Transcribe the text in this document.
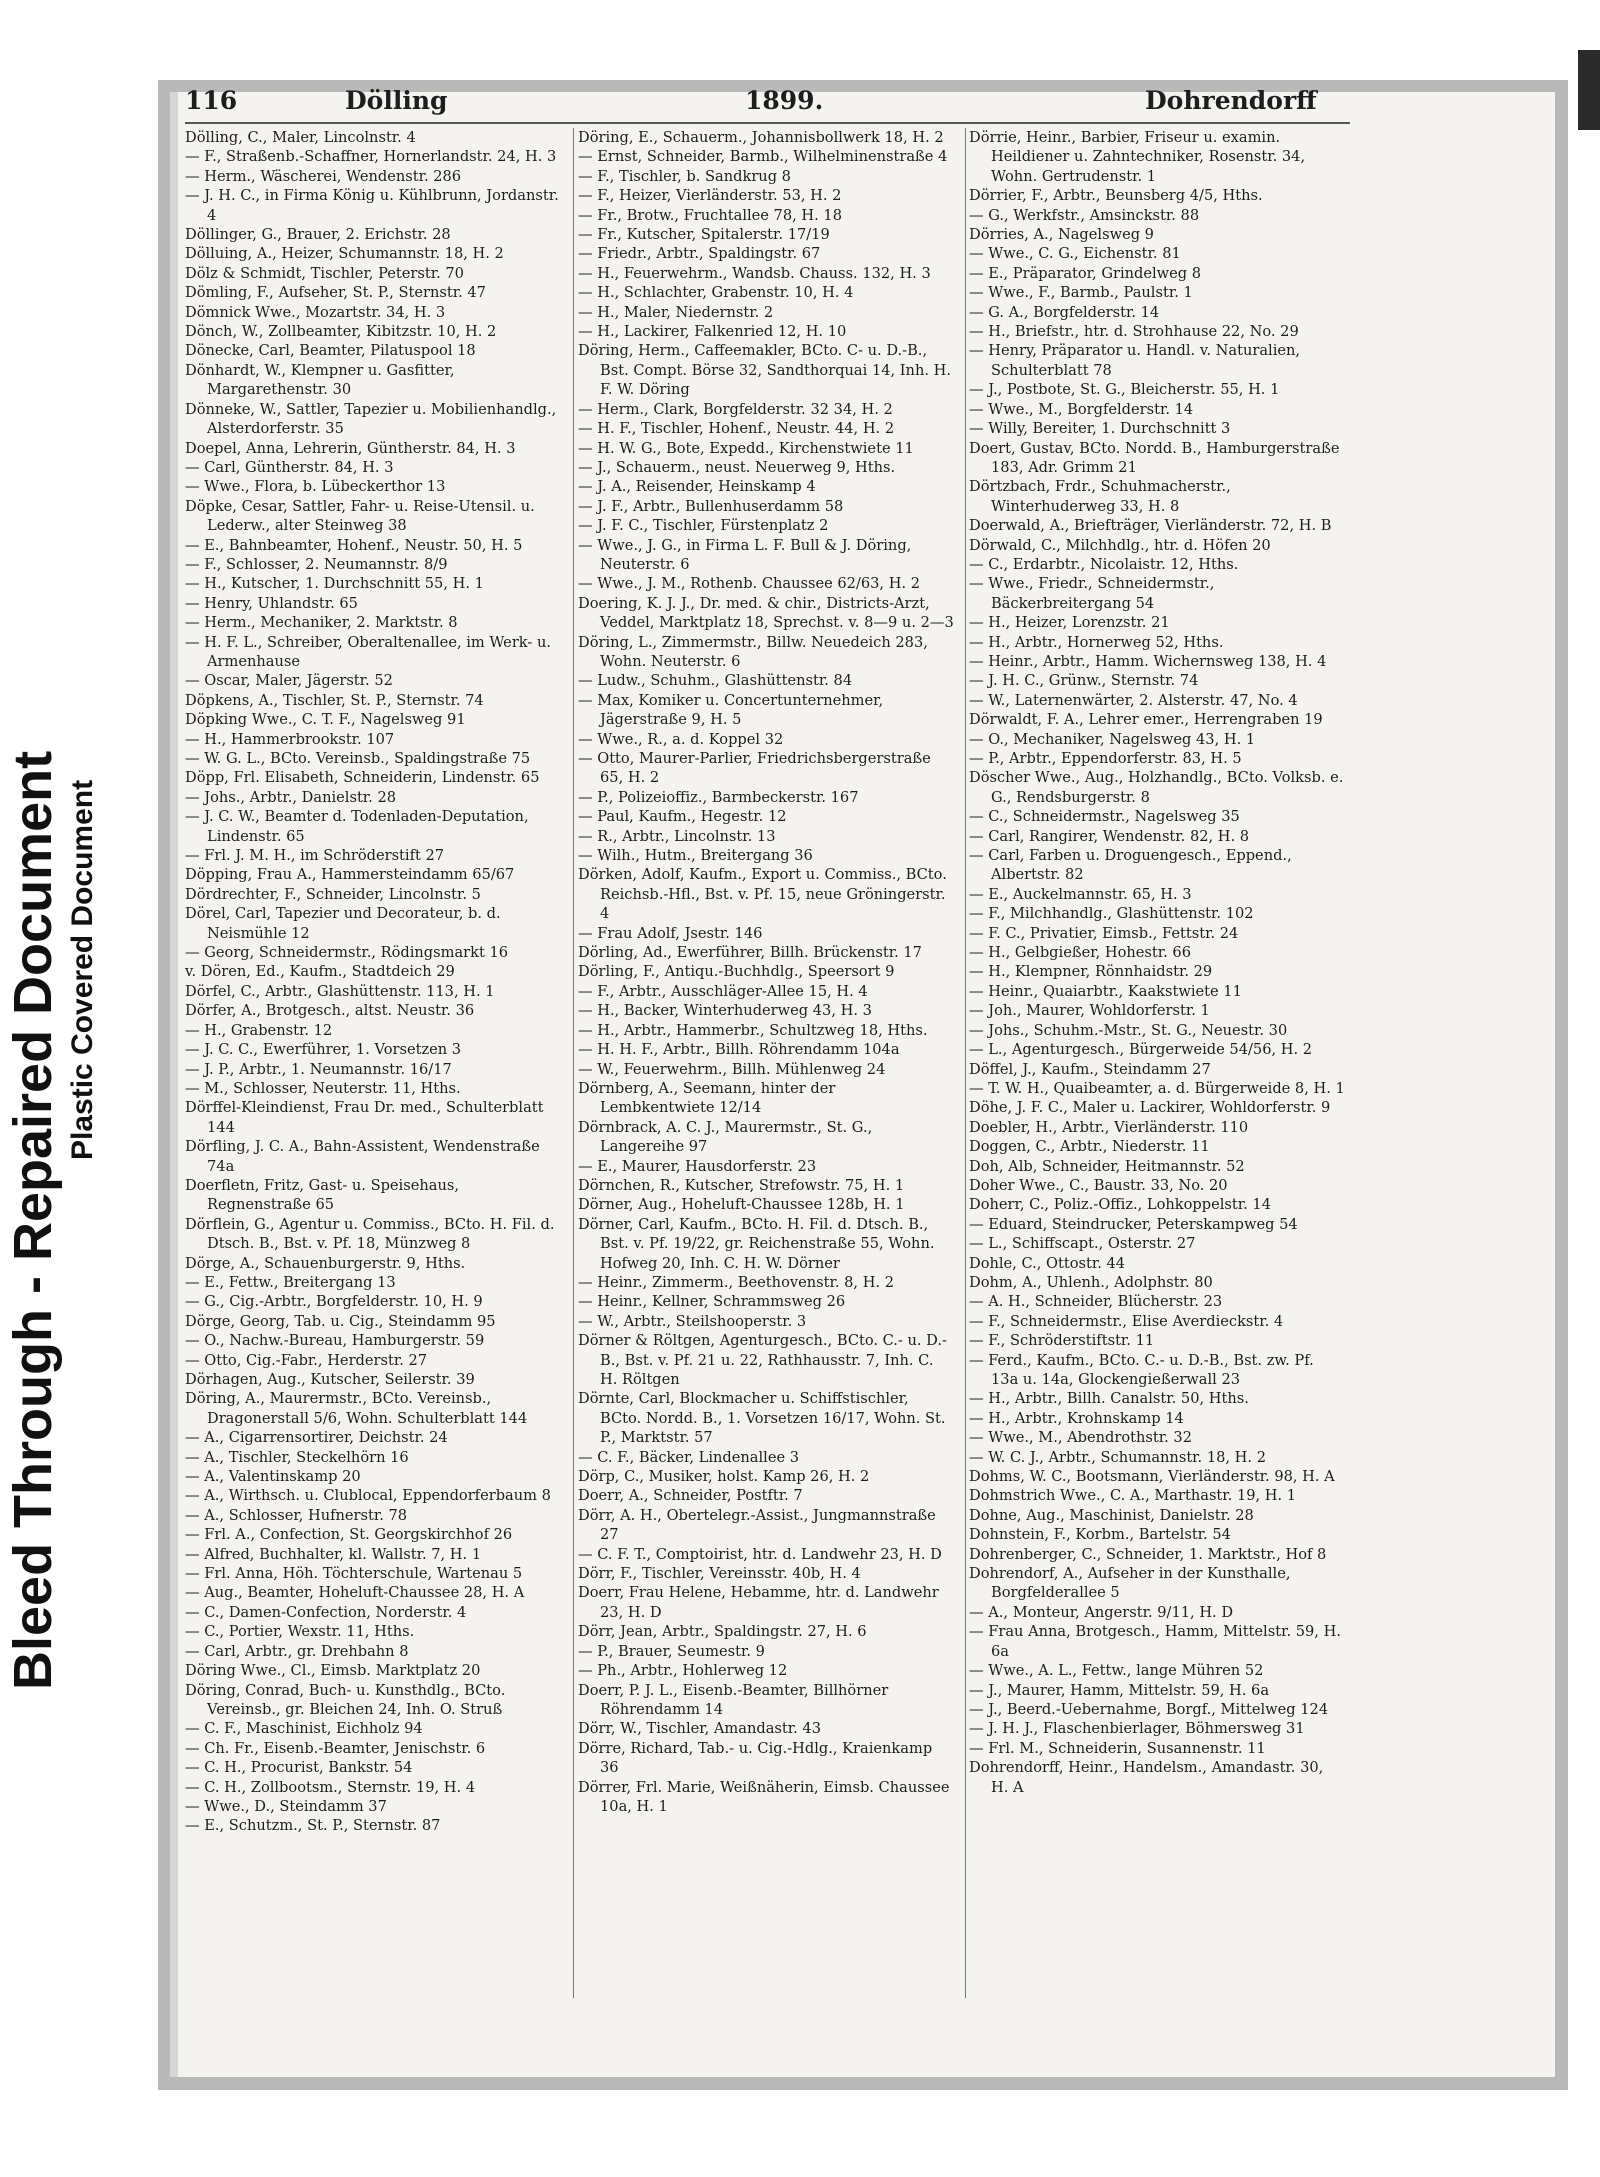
Bleed Through - Repaired Document Plastic Covered Document
116	Dölling	1899.	Dohrendorff

Dölling, C., Maler, Lincolnstr. 4

— F., Straßenb.-Schaffner, Hornerlandstr. 24, H. 3

— Herm., Wäscherei, Wendenstr. 286

— J. H. C., in Firma König u. Kühlbrunn, Jordanstr. 4

Döllinger, G., Brauer, 2. Erichstr. 28

Dölluing, A., Heizer, Schumannstr. 18, H. 2

Dölz & Schmidt, Tischler, Peterstr. 70

Dömling, F., Aufseher, St. P., Sternstr. 47

Dömnick Wwe., Mozartstr. 34, H. 3

Dönch, W., Zollbeamter, Kibitzstr. 10, H. 2

Dönecke, Carl, Beamter, Pilatuspool 18

Dönhardt, W., Klempner u. Gasfitter, Margarethenstr. 30

Dönneke, W., Sattler, Tapezier u. Mobilienhandlg., Alsterdorferstr. 35

Doepel, Anna, Lehrerin, Güntherstr. 84, H. 3

— Carl, Güntherstr. 84, H. 3

— Wwe., Flora, b. Lübeckerthor 13

Döpke, Cesar, Sattler, Fahr- u. Reise-Utensil. u. Lederw., alter Steinweg 38

— E., Bahnbeamter, Hohenf., Neustr. 50, H. 5

— F., Schlosser, 2. Neumannstr. 8/9

— H., Kutscher, 1. Durchschnitt 55, H. 1

— Henry, Uhlandstr. 65

— Herm., Mechaniker, 2. Marktstr. 8

— H. F. L., Schreiber, Oberaltenallee, im Werk- u. Armenhause

— Oscar, Maler, Jägerstr. 52

Döpkens, A., Tischler, St. P., Sternstr. 74

Döpking Wwe., C. T. F., Nagelsweg 91

— H., Hammerbrookstr. 107

— W. G. L., BCto. Vereinsb., Spaldingstraße 75

Döpp, Frl. Elisabeth, Schneiderin, Lindenstr. 65

— Johs., Arbtr., Danielstr. 28

— J. C. W., Beamter d. Todenladen-Deputation, Lindenstr. 65

— Frl. J. M. H., im Schröderstift 27

Döpping, Frau A., Hammersteindamm 65/67

Dördrechter, F., Schneider, Lincolnstr. 5

Dörel, Carl, Tapezier und Decorateur, b. d. Neismühle 12

— Georg, Schneidermstr., Rödingsmarkt 16

v. Dören, Ed., Kaufm., Stadtdeich 29

Dörfel, C., Arbtr., Glashüttenstr. 113, H. 1

Dörfer, A., Brotgesch., altst. Neustr. 36

— H., Grabenstr. 12

— J. C. C., Ewerführer, 1. Vorsetzen 3

— J. P., Arbtr., 1. Neumannstr. 16/17

— M., Schlosser, Neuterstr. 11, Hths.

Dörffel-Kleindienst, Frau Dr. med., Schulterblatt 144

Dörfling, J. C. A., Bahn-Assistent, Wendenstraße 74a

Doerfletn, Fritz, Gast- u. Speisehaus, Regnenstraße 65

Dörflein, G., Agentur u. Commiss., BCto. H. Fil. d. Dtsch. B., Bst. v. Pf. 18, Münzweg 8

Dörge, A., Schauenburgerstr. 9, Hths.

— E., Fettw., Breitergang 13

— G., Cig.-Arbtr., Borgfelderstr. 10, H. 9

Dörge, Georg, Tab. u. Cig., Steindamm 95

— O., Nachw.-Bureau, Hamburgerstr. 59

— Otto, Cig.-Fabr., Herderstr. 27

Dörhagen, Aug., Kutscher, Seilerstr. 39

Döring, A., Maurermstr., BCto. Vereinsb., Dragonerstall 5/6, Wohn. Schulterblatt 144

— A., Cigarrensortirer, Deichstr. 24

— A., Tischler, Steckelhörn 16

— A., Valentinskamp 20

— A., Wirthsch. u. Clublocal, Eppendorferbaum 8

— A., Schlosser, Hufnerstr. 78

— Frl. A., Confection, St. Georgskirchhof 26

— Alfred, Buchhalter, kl. Wallstr. 7, H. 1

— Frl. Anna, Höh. Töchterschule, Wartenau 5

— Aug., Beamter, Hoheluft-Chaussee 28, H. A

— C., Damen-Confection, Norderstr. 4

— C., Portier, Wexstr. 11, Hths.

— Carl, Arbtr., gr. Drehbahn 8

Döring Wwe., Cl., Eimsb. Marktplatz 20

Döring, Conrad, Buch- u. Kunsthdlg., BCto. Vereinsb., gr. Bleichen 24, Inh. O. Struß

— C. F., Maschinist, Eichholz 94

— Ch. Fr., Eisenb.-Beamter, Jenischstr. 6

— C. H., Procurist, Bankstr. 54

— C. H., Zollbootsm., Sternstr. 19, H. 4

— Wwe., D., Steindamm 37

— E., Schutzm., St. P., Sternstr. 87

Döring, E., Schauerm., Johannisbollwerk 18, H. 2

— Ernst, Schneider, Barmb., Wilhelminenstraße 4

— F., Tischler, b. Sandkrug 8

— F., Heizer, Vierländerstr. 53, H. 2

— Fr., Brotw., Fruchtallee 78, H. 18

— Fr., Kutscher, Spitalerstr. 17/19

— Friedr., Arbtr., Spaldingstr. 67

— H., Feuerwehrm., Wandsb. Chauss. 132, H. 3

— H., Schlachter, Grabenstr. 10, H. 4

— H., Maler, Niedernstr. 2

— H., Lackirer, Falkenried 12, H. 10

Döring, Herm., Caffeemakler, BCto. C- u. D.-B., Bst. Compt. Börse 32, Sandthorquai 14, Inh. H. F. W. Döring

— Herm., Clark, Borgfelderstr. 32 34, H. 2

— H. F., Tischler, Hohenf., Neustr. 44, H. 2

— H. W. G., Bote, Expedd., Kirchenstwiete 11

— J., Schauerm., neust. Neuerweg 9, Hths.

— J. A., Reisender, Heinskamp 4

— J. F., Arbtr., Bullenhuserdamm 58

— J. F. C., Tischler, Fürstenplatz 2

— Wwe., J. G., in Firma L. F. Bull & J. Döring, Neuterstr. 6

— Wwe., J. M., Rothenb. Chaussee 62/63, H. 2

Doering, K. J. J., Dr. med. & chir., Districts-Arzt, Veddel, Marktplatz 18, Sprechst. v. 8—9 u. 2—3

Döring, L., Zimmermstr., Billw. Neuedeich 283, Wohn. Neuterstr. 6

— Ludw., Schuhm., Glashüttenstr. 84

— Max, Komiker u. Concertunternehmer, Jägerstraße 9, H. 5

— Wwe., R., a. d. Koppel 32

— Otto, Maurer-Parlier, Friedrichsbergerstraße 65, H. 2

— P., Polizeioffiz., Barmbeckerstr. 167

— Paul, Kaufm., Hegestr. 12

— R., Arbtr., Lincolnstr. 13

— Wilh., Hutm., Breitergang 36

Dörken, Adolf, Kaufm., Export u. Commiss., BCto. Reichsb.-Hfl., Bst. v. Pf. 15, neue Gröningerstr. 4

— Frau Adolf, Jsestr. 146

Dörling, Ad., Ewerführer, Billh. Brückenstr. 17

Dörling, F., Antiqu.-Buchhdlg., Speersort 9

— F., Arbtr., Ausschläger-Allee 15, H. 4

— H., Backer, Winterhuderweg 43, H. 3

— H., Arbtr., Hammerbr., Schultzweg 18, Hths.

— H. H. F., Arbtr., Billh. Röhrendamm 104a

— W., Feuerwehrm., Billh. Mühlenweg 24

Dörnberg, A., Seemann, hinter der Lembkentwiete 12/14

Dörnbrack, A. C. J., Maurermstr., St. G., Langereihe 97

— E., Maurer, Hausdorferstr. 23

Dörnchen, R., Kutscher, Strefowstr. 75, H. 1

Dörner, Aug., Hoheluft-Chaussee 128b, H. 1

Dörner, Carl, Kaufm., BCto. H. Fil. d. Dtsch. B., Bst. v. Pf. 19/22, gr. Reichenstraße 55, Wohn. Hofweg 20, Inh. C. H. W. Dörner

— Heinr., Zimmerm., Beethovenstr. 8, H. 2

— Heinr., Kellner, Schrammsweg 26

— W., Arbtr., Steilshooperstr. 3

Dörner & Röltgen, Agenturgesch., BCto. C.- u. D.-B., Bst. v. Pf. 21 u. 22, Rathhausstr. 7, Inh. C. H. Röltgen

Dörnte, Carl, Blockmacher u. Schiffstischler, BCto. Nordd. B., 1. Vorsetzen 16/17, Wohn. St. P., Marktstr. 57

— C. F., Bäcker, Lindenallee 3

Dörp, C., Musiker, holst. Kamp 26, H. 2

Doerr, A., Schneider, Postftr. 7

Dörr, A. H., Obertelegr.-Assist., Jungmannstraße 27

— C. F. T., Comptoirist, htr. d. Landwehr 23, H. D

Dörr, F., Tischler, Vereinsstr. 40b, H. 4

Doerr, Frau Helene, Hebamme, htr. d. Landwehr 23, H. D

Dörr, Jean, Arbtr., Spaldingstr. 27, H. 6

— P., Brauer, Seumestr. 9

— Ph., Arbtr., Hohlerweg 12

Doerr, P. J. L., Eisenb.-Beamter, Billhörner Röhrendamm 14

Dörr, W., Tischler, Amandastr. 43

Dörre, Richard, Tab.- u. Cig.-Hdlg., Kraienkamp 36

Dörrer, Frl. Marie, Weißnäherin, Eimsb. Chaussee 10a, H. 1

Dörrie, Heinr., Barbier, Friseur u. examin. Heildiener u. Zahntechniker, Rosenstr. 34, Wohn. Gertrudenstr. 1

Dörrier, F., Arbtr., Beunsberg 4/5, Hths.

— G., Werkfstr., Amsinckstr. 88

Dörries, A., Nagelsweg 9

— Wwe., C. G., Eichenstr. 81

— E., Präparator, Grindelweg 8

— Wwe., F., Barmb., Paulstr. 1

— G. A., Borgfelderstr. 14

— H., Briefstr., htr. d. Strohhause 22, No. 29

— Henry, Präparator u. Handl. v. Naturalien, Schulterblatt 78

— J., Postbote, St. G., Bleicherstr. 55, H. 1

— Wwe., M., Borgfelderstr. 14

— Willy, Bereiter, 1. Durchschnitt 3

Doert, Gustav, BCto. Nordd. B., Hamburgerstraße 183, Adr. Grimm 21

Dörtzbach, Frdr., Schuhmacherstr., Winterhuderweg 33, H. 8

Doerwald, A., Briefträger, Vierländerstr. 72, H. B

Dörwald, C., Milchhdlg., htr. d. Höfen 20

— C., Erdarbtr., Nicolaistr. 12, Hths.

— Wwe., Friedr., Schneidermstr., Bäckerbreitergang 54

— H., Heizer, Lorenzstr. 21

— H., Arbtr., Hornerweg 52, Hths.

— Heinr., Arbtr., Hamm. Wichernsweg 138, H. 4

— J. H. C., Grünw., Sternstr. 74

— W., Laternenwärter, 2. Alsterstr. 47, No. 4

Dörwaldt, F. A., Lehrer emer., Herrengraben 19

— O., Mechaniker, Nagelsweg 43, H. 1

— P., Arbtr., Eppendorferstr. 83, H. 5

Döscher Wwe., Aug., Holzhandlg., BCto. Volksb. e. G., Rendsburgerstr. 8

— C., Schneidermstr., Nagelsweg 35

— Carl, Rangirer, Wendenstr. 82, H. 8

— Carl, Farben u. Droguengesch., Eppend., Albertstr. 82

— E., Auckelmannstr. 65, H. 3

— F., Milchhandlg., Glashüttenstr. 102

— F. C., Privatier, Eimsb., Fettstr. 24

— H., Gelbgießer, Hohestr. 66

— H., Klempner, Rönnhaidstr. 29

— Heinr., Quaiarbtr., Kaakstwiete 11

— Joh., Maurer, Wohldorferstr. 1

— Johs., Schuhm.-Mstr., St. G., Neuestr. 30

— L., Agenturgesch., Bürgerweide 54/56, H. 2

Döffel, J., Kaufm., Steindamm 27

— T. W. H., Quaibeamter, a. d. Bürgerweide 8, H. 1

Döhe, J. F. C., Maler u. Lackirer, Wohldorferstr. 9

Doebler, H., Arbtr., Vierländerstr. 110

Doggen, C., Arbtr., Niederstr. 11

Doh, Alb, Schneider, Heitmannstr. 52

Doher Wwe., C., Baustr. 33, No. 20

Doherr, C., Poliz.-Offiz., Lohkoppelstr. 14

— Eduard, Steindrucker, Peterskampweg 54

— L., Schiffscapt., Osterstr. 27

Dohle, C., Ottostr. 44

Dohm, A., Uhlenh., Adolphstr. 80

— A. H., Schneider, Blücherstr. 23

— F., Schneidermstr., Elise Averdieckstr. 4

— F., Schröderstiftstr. 11

— Ferd., Kaufm., BCto. C.- u. D.-B., Bst. zw. Pf. 13a u. 14a, Glockengießerwall 23

— H., Arbtr., Billh. Canalstr. 50, Hths.

— H., Arbtr., Krohnskamp 14

— Wwe., M., Abendrothstr. 32

— W. C. J., Arbtr., Schumannstr. 18, H. 2

Dohms, W. C., Bootsmann, Vierländerstr. 98, H. A

Dohmstrich Wwe., C. A., Marthastr. 19, H. 1

Dohne, Aug., Maschinist, Danielstr. 28

Dohnstein, F., Korbm., Bartelstr. 54

Dohrenberger, C., Schneider, 1. Marktstr., Hof 8

Dohrendorf, A., Aufseher in der Kunsthalle, Borgfelderallee 5

— A., Monteur, Angerstr. 9/11, H. D

— Frau Anna, Brotgesch., Hamm, Mittelstr. 59, H. 6a

— Wwe., A. L., Fettw., lange Mühren 52

— J., Maurer, Hamm, Mittelstr. 59, H. 6a

— J., Beerd.-Uebernahme, Borgf., Mittelweg 124

— J. H. J., Flaschenbierlager, Böhmersweg 31

— Frl. M., Schneiderin, Susannenstr. 11

Dohrendorff, Heinr., Handelsm., Amandastr. 30, H. A
